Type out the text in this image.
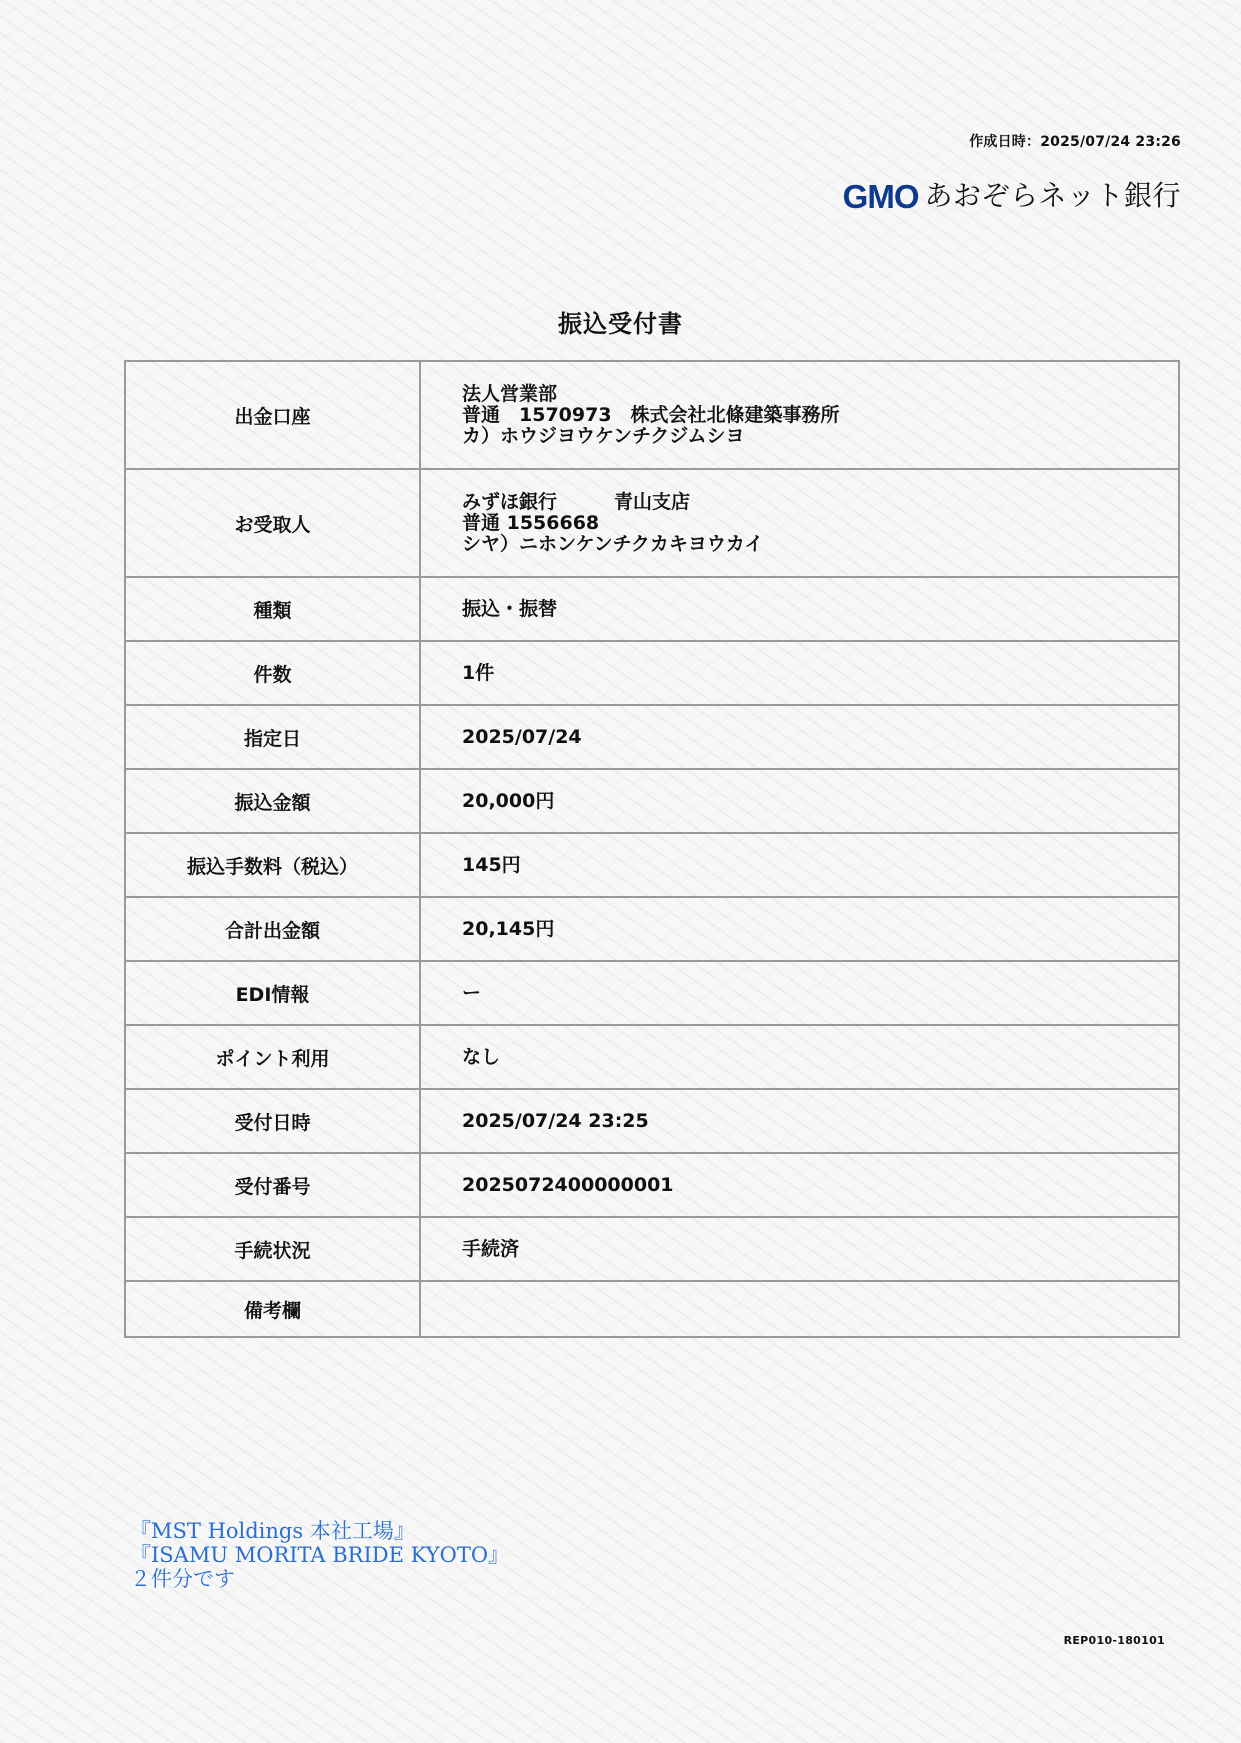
作成日時：2025/07/24 23:26
GMO あおぞらネット銀行
振込受付書
出金口座	法人営業部
普通　1570973　株式会社北條建築事務所
カ）ホウジヨウケンチクジムシヨ

お受取人	みずほ銀行　　　青山支店
普通 1556668
シヤ）ニホンケンチクカキヨウカイ

種類	振込・振替
件数	1件
指定日	2025/07/24
振込金額	20,000円
振込手数料（税込）	145円
合計出金額	20,145円
EDI情報	ー
ポイント利用	なし
受付日時	2025/07/24 23:25
受付番号	2025072400000001
手続状況	手続済
備考欄	
『MST Holdings 本社工場』
『ISAMU MORITA BRIDE KYOTO』
２件分です
REP010-180101
